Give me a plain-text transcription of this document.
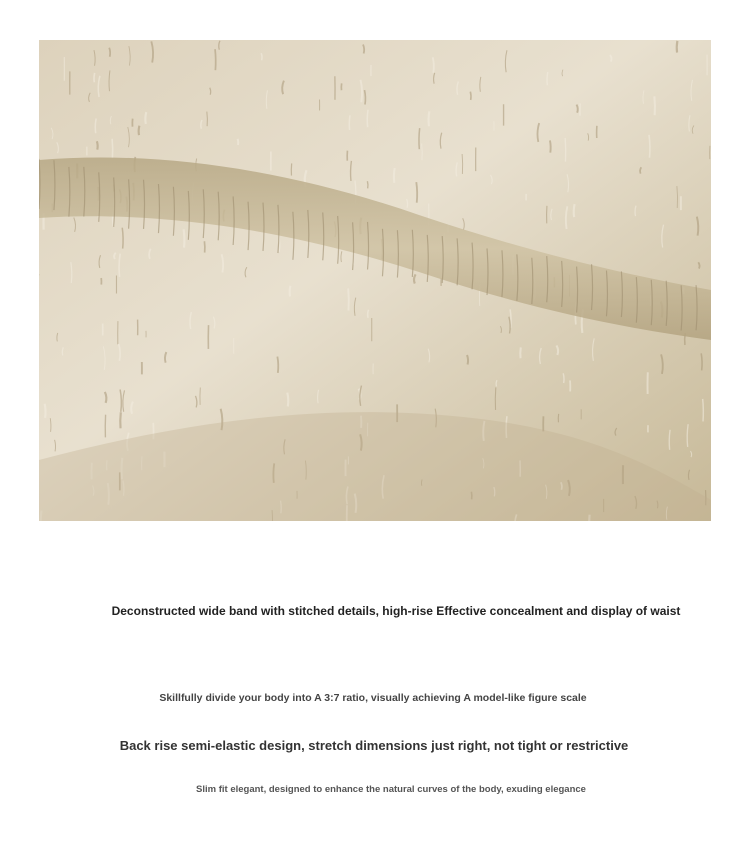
Deconstructed wide band with stitched details, high-rise Effective concealment and display of waist
Skillfully divide your body into A 3:7 ratio, visually achieving A model-like figure scale
Back rise semi-elastic design, stretch dimensions just right, not tight or restrictive
Slim fit elegant, designed to enhance the natural curves of the body, exuding elegance
